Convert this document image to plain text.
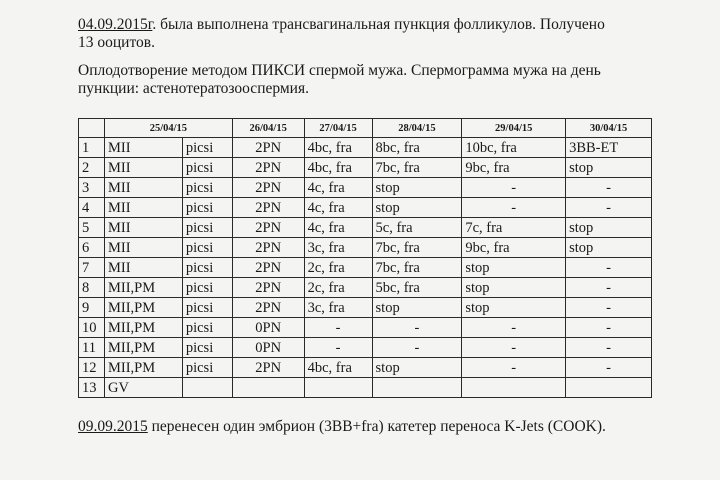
04.09.2015г. была выполнена трансвагинальная пункция фолликулов. Получено
13 ооцитов.
Оплодотворение методом ПИКСИ спермой мужа. Спермограмма мужа на день
пункции: астенотератозооспермия.
	25/04/15		26/04/15	27/04/15	28/04/15	29/04/15	30/04/15
1	MII	picsi	2PN	4bc, fra	8bc, fra	10bc, fra	3BB-ET
2	MII	picsi	2PN	4bc, fra	7bc, fra	9bc, fra	stop
3	MII	picsi	2PN	4c, fra	stop	-	-
4	MII	picsi	2PN	4c, fra	stop	-	-
5	MII	picsi	2PN	4c, fra	5c, fra	7c, fra	stop
6	MII	picsi	2PN	3c, fra	7bc, fra	9bc, fra	stop
7	MII	picsi	2PN	2c, fra	7bc, fra	stop	-
8	MII,PM	picsi	2PN	2c, fra	5bc, fra	stop	-
9	MII,PM	picsi	2PN	3c, fra	stop	stop	-
10	MII,PM	picsi	0PN	-	-	-	-
11	MII,PM	picsi	0PN	-	-	-	-
12	MII,PM	picsi	2PN	4bc, fra	stop	-	-
13	GV						
09.09.2015 перенесен один эмбрион (3BB+fra) катетер переноса K-Jets (COOK).
